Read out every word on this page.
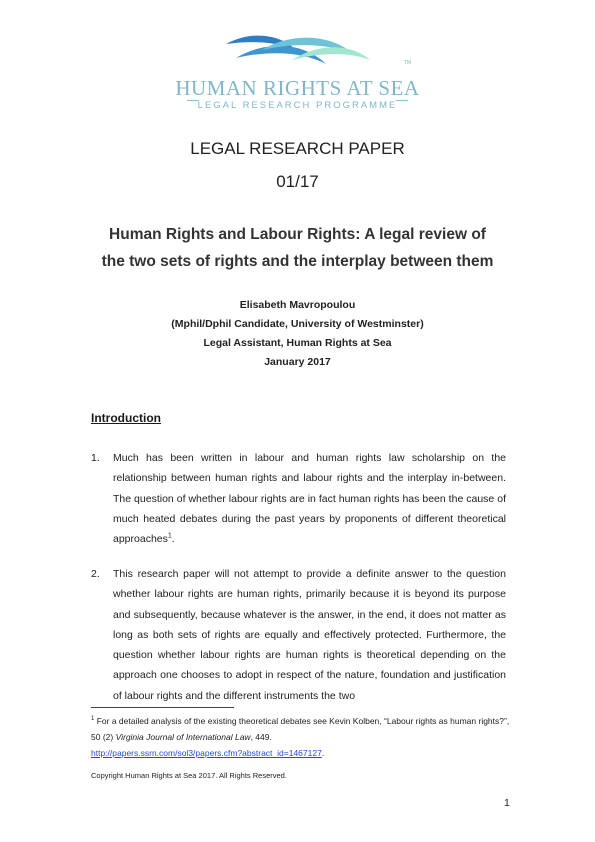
TM
HUMAN RIGHTS AT SEA
LEGAL RESEARCH PROGRAMME
LEGAL RESEARCH PAPER
01/17
Human Rights and Labour Rights: A legal review of
the two sets of rights and the interplay between them
Elisabeth Mavropoulou
(Mphil/Dphil Candidate, University of Westminster)
Legal Assistant, Human Rights at Sea
January 2017
Introduction
1.	Much has been written in labour and human rights law scholarship on the relationship between human rights and labour rights and the interplay in-between. The question of whether labour rights are in fact human rights has been the cause of much heated debates during the past years by proponents of different theoretical approaches$^1$.
2.	This research paper will not attempt to provide a definite answer to the question whether labour rights are human rights, primarily because it is beyond its purpose and subsequently, because whatever is the answer, in the end, it does not matter as long as both sets of rights are equally and effectively protected. Furthermore, the question whether labour rights are human rights is theoretical depending on the approach one chooses to adopt in respect of the nature, foundation and justification of labour rights and the different instruments the two
$^1$ For a detailed analysis of the existing theoretical debates see Kevin Kolben, “Labour rights as human rights?”, 50 (2) Virginia Journal of International Law, 449.
http://papers.ssrn.com/sol3/papers.cfm?abstract_id=1467127.
Copyright Human Rights at Sea 2017. All Rights Reserved.
1
